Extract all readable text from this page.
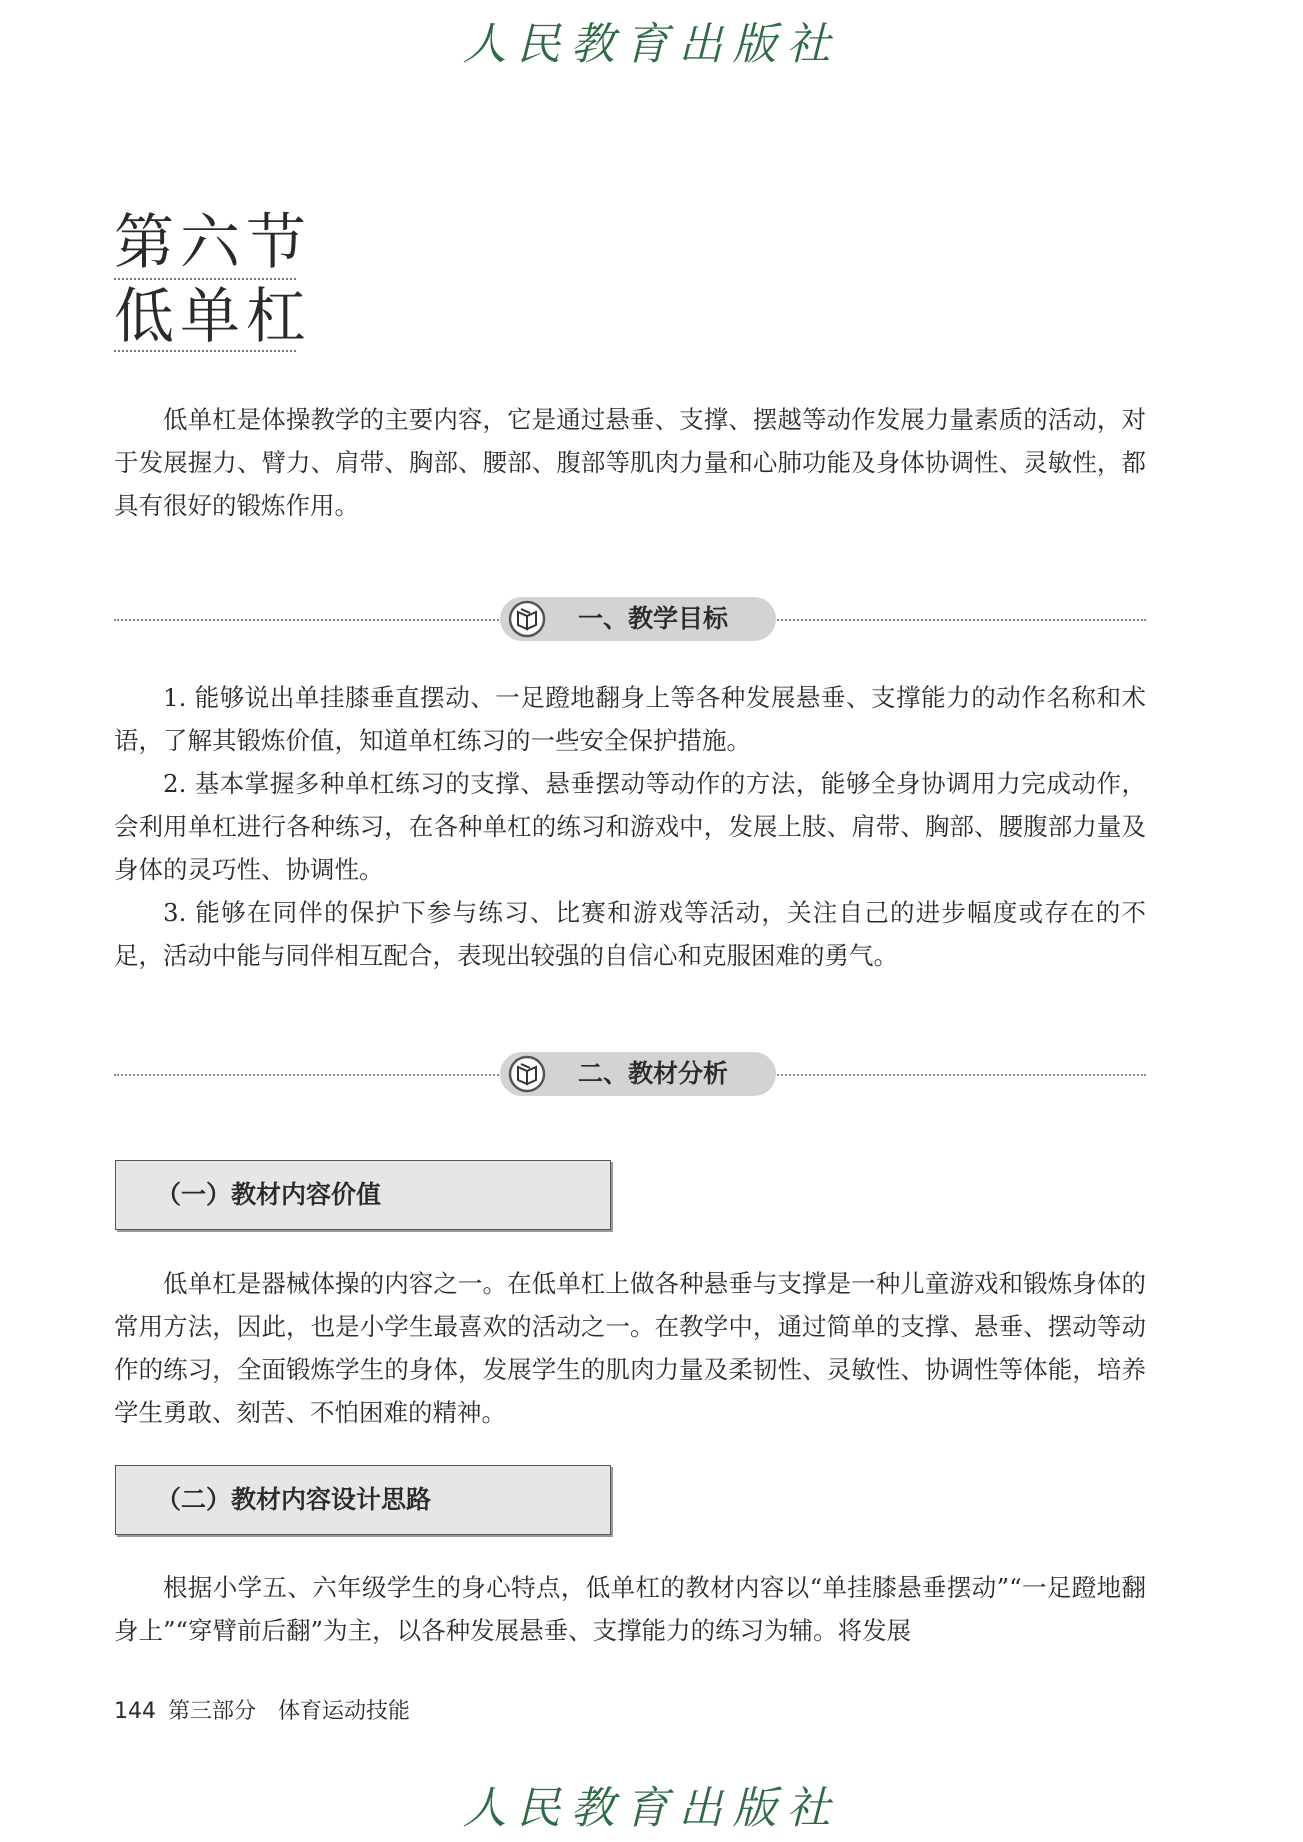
人民教育出版社
第六节
低单杠

低单杠是体操教学的主要内容，它是通过悬垂、支撑、摆越等动作发展力量素质的活动，对于发展握力、臂力、肩带、胸部、腰部、腹部等肌肉力量和心肺功能及身体协调性、灵敏性，都具有很好的锻炼作用。

一、教学目标

1. 能够说出单挂膝垂直摆动、一足蹬地翻身上等各种发展悬垂、支撑能力的动作名称和术语，了解其锻炼价值，知道单杠练习的一些安全保护措施。

2. 基本掌握多种单杠练习的支撑、悬垂摆动等动作的方法，能够全身协调用力完成动作，会利用单杠进行各种练习，在各种单杠的练习和游戏中，发展上肢、肩带、胸部、腰腹部力量及身体的灵巧性、协调性。

3. 能够在同伴的保护下参与练习、比赛和游戏等活动，关注自己的进步幅度或存在的不足，活动中能与同伴相互配合，表现出较强的自信心和克服困难的勇气。

二、教材分析
（一）教材内容价值

低单杠是器械体操的内容之一。在低单杠上做各种悬垂与支撑是一种儿童游戏和锻炼身体的常用方法，因此，也是小学生最喜欢的活动之一。在教学中，通过简单的支撑、悬垂、摆动等动作的练习，全面锻炼学生的身体，发展学生的肌肉力量及柔韧性、灵敏性、协调性等体能，培养学生勇敢、刻苦、不怕困难的精神。

（二）教材内容设计思路

根据小学五、六年级学生的身心特点，低单杠的教材内容以“单挂膝悬垂摆动”“一足蹬地翻身上”“穿臂前后翻”为主，以各种发展悬垂、支撑能力的练习为辅。将发展

144 第三部分 体育运动技能
人民教育出版社
